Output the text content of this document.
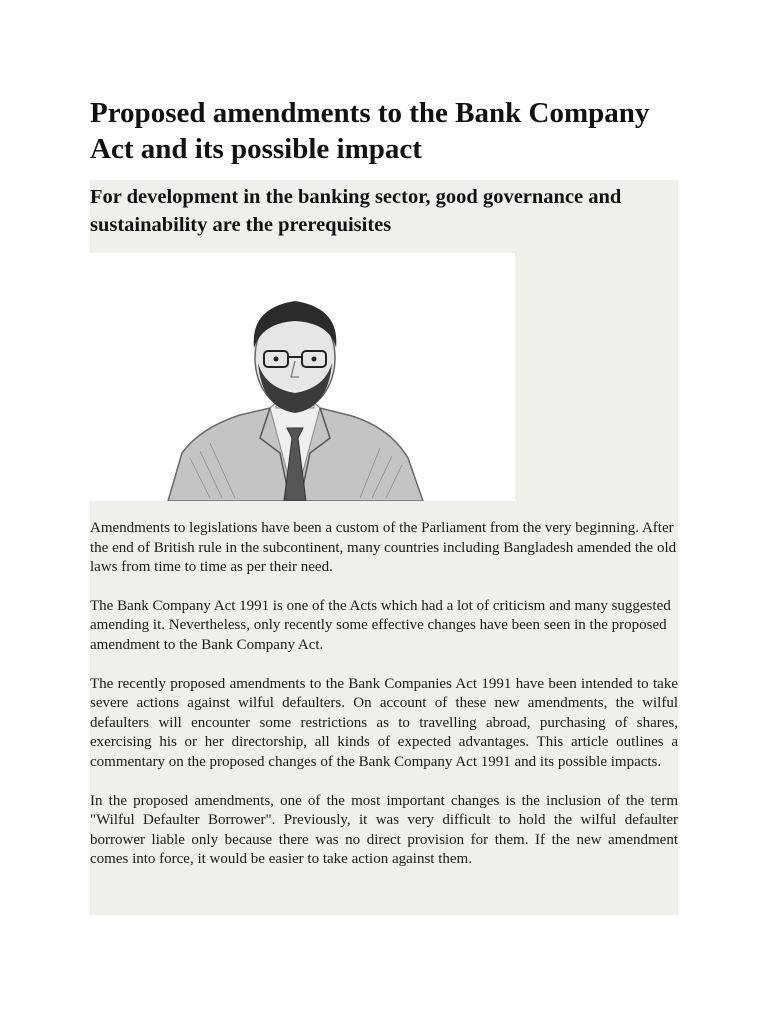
Proposed amendments to the Bank Company Act and its possible impact
For development in the banking sector, good governance and sustainability are the prerequisites

Amendments to legislations have been a custom of the Parliament from the very beginning. After the end of British rule in the subcontinent, many countries including Bangladesh amended the old laws from time to time as per their need.

The Bank Company Act 1991 is one of the Acts which had a lot of criticism and many suggested amending it. Nevertheless, only recently some effective changes have been seen in the proposed amendment to the Bank Company Act.

The recently proposed amendments to the Bank Companies Act 1991 have been intended to take severe actions against wilful defaulters. On account of these new amendments, the wilful defaulters will encounter some restrictions as to travelling abroad, purchasing of shares, exercising his or her directorship, all kinds of expected advantages. This article outlines a commentary on the proposed changes of the Bank Company Act 1991 and its possible impacts.

In the proposed amendments, one of the most important changes is the inclusion of the term "Wilful Defaulter Borrower". Previously, it was very difficult to hold the wilful defaulter borrower liable only because there was no direct provision for them. If the new amendment comes into force, it would be easier to take action against them.
